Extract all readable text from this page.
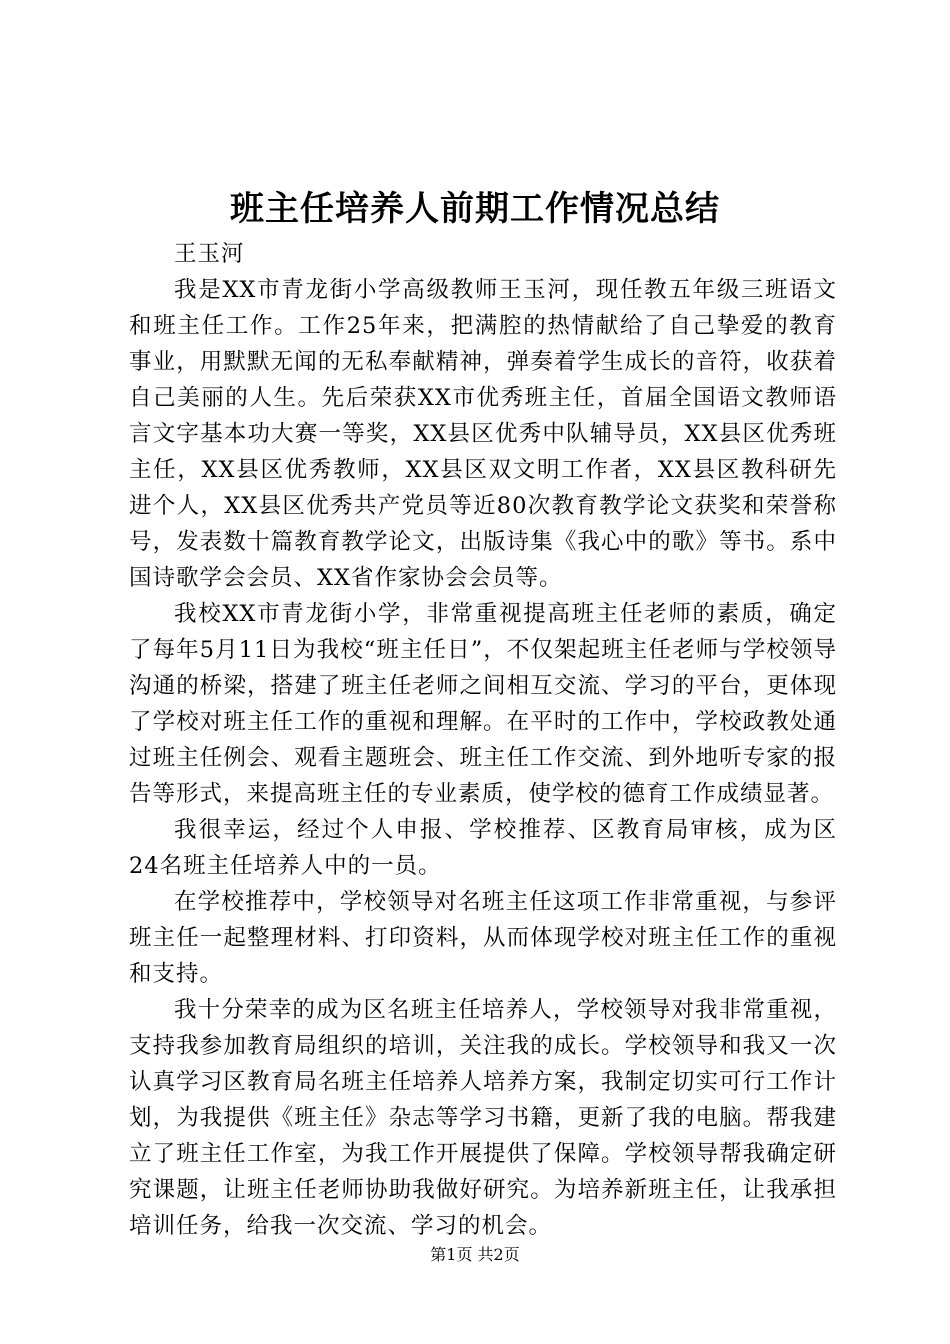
班主任培养人前期工作情况总结

王玉河

我是XX市青龙街小学高级教师王玉河，现任教五年级三班语文和班主任工作。工作25年来，把满腔的热情献给了自己挚爱的教育事业，用默默无闻的无私奉献精神，弹奏着学生成长的音符，收获着自己美丽的人生。先后荣获XX市优秀班主任，首届全国语文教师语言文字基本功大赛一等奖，XX县区优秀中队辅导员，XX县区优秀班主任，XX县区优秀教师，XX县区双文明工作者，XX县区教科研先进个人，XX县区优秀共产党员等近80次教育教学论文获奖和荣誉称号，发表数十篇教育教学论文，出版诗集《我心中的歌》等书。系中国诗歌学会会员、XX省作家协会会员等。

我校XX市青龙街小学，非常重视提高班主任老师的素质，确定了每年5月11日为我校“班主任日”，不仅架起班主任老师与学校领导沟通的桥梁，搭建了班主任老师之间相互交流、学习的平台，更体现了学校对班主任工作的重视和理解。在平时的工作中，学校政教处通过班主任例会、观看主题班会、班主任工作交流、到外地听专家的报告等形式，来提高班主任的专业素质，使学校的德育工作成绩显著。

我很幸运，经过个人申报、学校推荐、区教育局审核，成为区24名班主任培养人中的一员。

在学校推荐中，学校领导对名班主任这项工作非常重视，与参评班主任一起整理材料、打印资料，从而体现学校对班主任工作的重视和支持。

我十分荣幸的成为区名班主任培养人，学校领导对我非常重视，支持我参加教育局组织的培训，关注我的成长。学校领导和我又一次认真学习区教育局名班主任培养人培养方案，我制定切实可行工作计划，为我提供《班主任》杂志等学习书籍，更新了我的电脑。帮我建立了班主任工作室，为我工作开展提供了保障。学校领导帮我确定研究课题，让班主任老师协助我做好研究。为培养新班主任，让我承担培训任务，给我一次交流、学习的机会。

第1页 共2页
